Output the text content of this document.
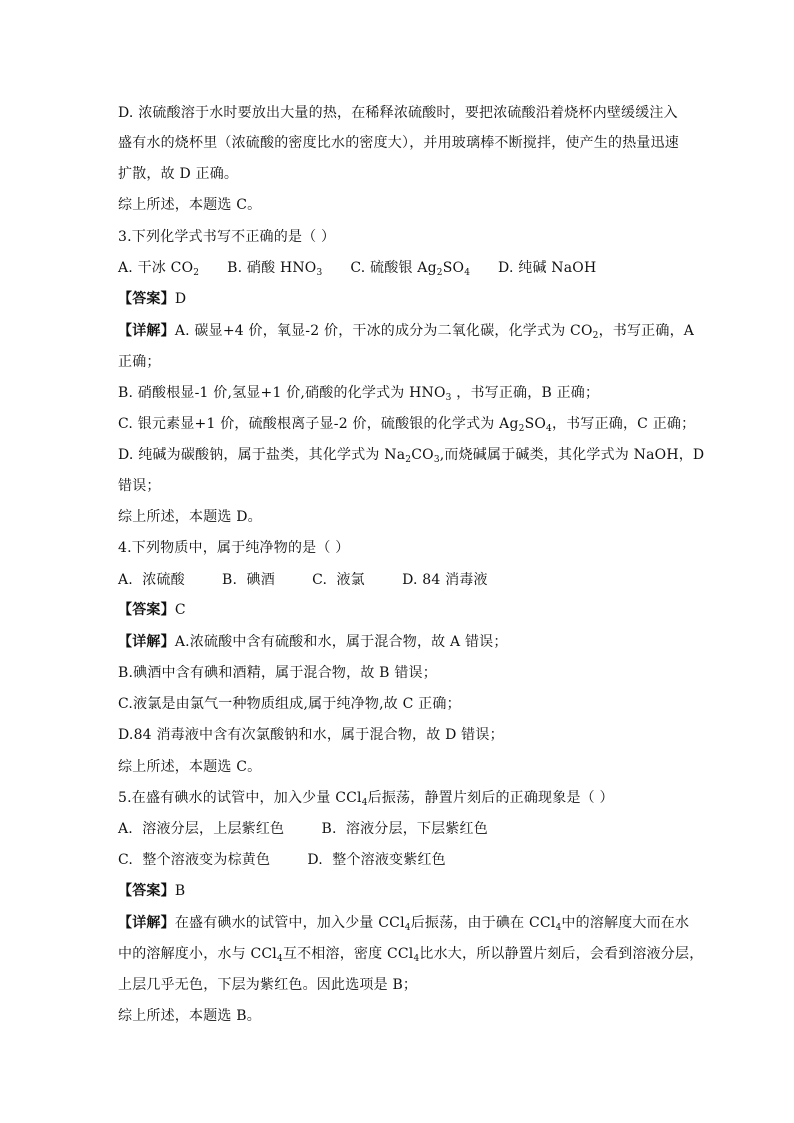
D. 浓硫酸溶于水时要放出大量的热，在稀释浓硫酸时，要把浓硫酸沿着烧杯内壁缓缓注入
盛有水的烧杯里（浓硫酸的密度比水的密度大），并用玻璃棒不断搅拌，使产生的热量迅速
扩散，故 D 正确。
综上所述，本题选 C。
3.下列化学式书写不正确的是（ ）
A. 干冰 $CO_2$ B. 硝酸 $HNO_3$ C. 硫酸银 $Ag_2SO_4$ D. 纯碱 NaOH
【答案】D
【详解】A. 碳显+4 价，氧显-2 价，干冰的成分为二氧化碳，化学式为 $CO_2$，书写正确，A
正确；
B. 硝酸根显-1 价,氢显+1 价,硝酸的化学式为 $HNO_3$ ，书写正确，B 正确；
C. 银元素显+1 价，硫酸根离子显-2 价，硫酸银的化学式为 $Ag_2SO_4$，书写正确，C 正确；
D. 纯碱为碳酸钠，属于盐类，其化学式为 $Na_2CO_3$,而烧碱属于碱类，其化学式为 NaOH，D
错误；
综上所述，本题选 D。
4.下列物质中，属于纯净物的是（ ）
A.  浓硫酸        B.  碘酒        C.  液氯        D. 84 消毒液
【答案】C
【详解】A.浓硫酸中含有硫酸和水，属于混合物，故 A 错误；
B.碘酒中含有碘和酒精，属于混合物，故 B 错误；
C.液氯是由氯气一种物质组成,属于纯净物,故 C 正确；
D.84 消毒液中含有次氯酸钠和水，属于混合物，故 D 错误；
综上所述，本题选 C。
5.在盛有碘水的试管中，加入少量 CCl$_4$后振荡，静置片刻后的正确现象是（ ）
A.  溶液分层，上层紫红色        B.  溶液分层，下层紫红色
C.  整个溶液变为棕黄色        D.  整个溶液变紫红色
【答案】B
【详解】在盛有碘水的试管中，加入少量 CCl$_4$后振荡，由于碘在 CCl$_4$中的溶解度大而在水
中的溶解度小，水与 CCl$_4$互不相溶，密度 CCl$_4$比水大，所以静置片刻后，会看到溶液分层，
上层几乎无色，下层为紫红色。因此选项是 B；
综上所述，本题选 B。
